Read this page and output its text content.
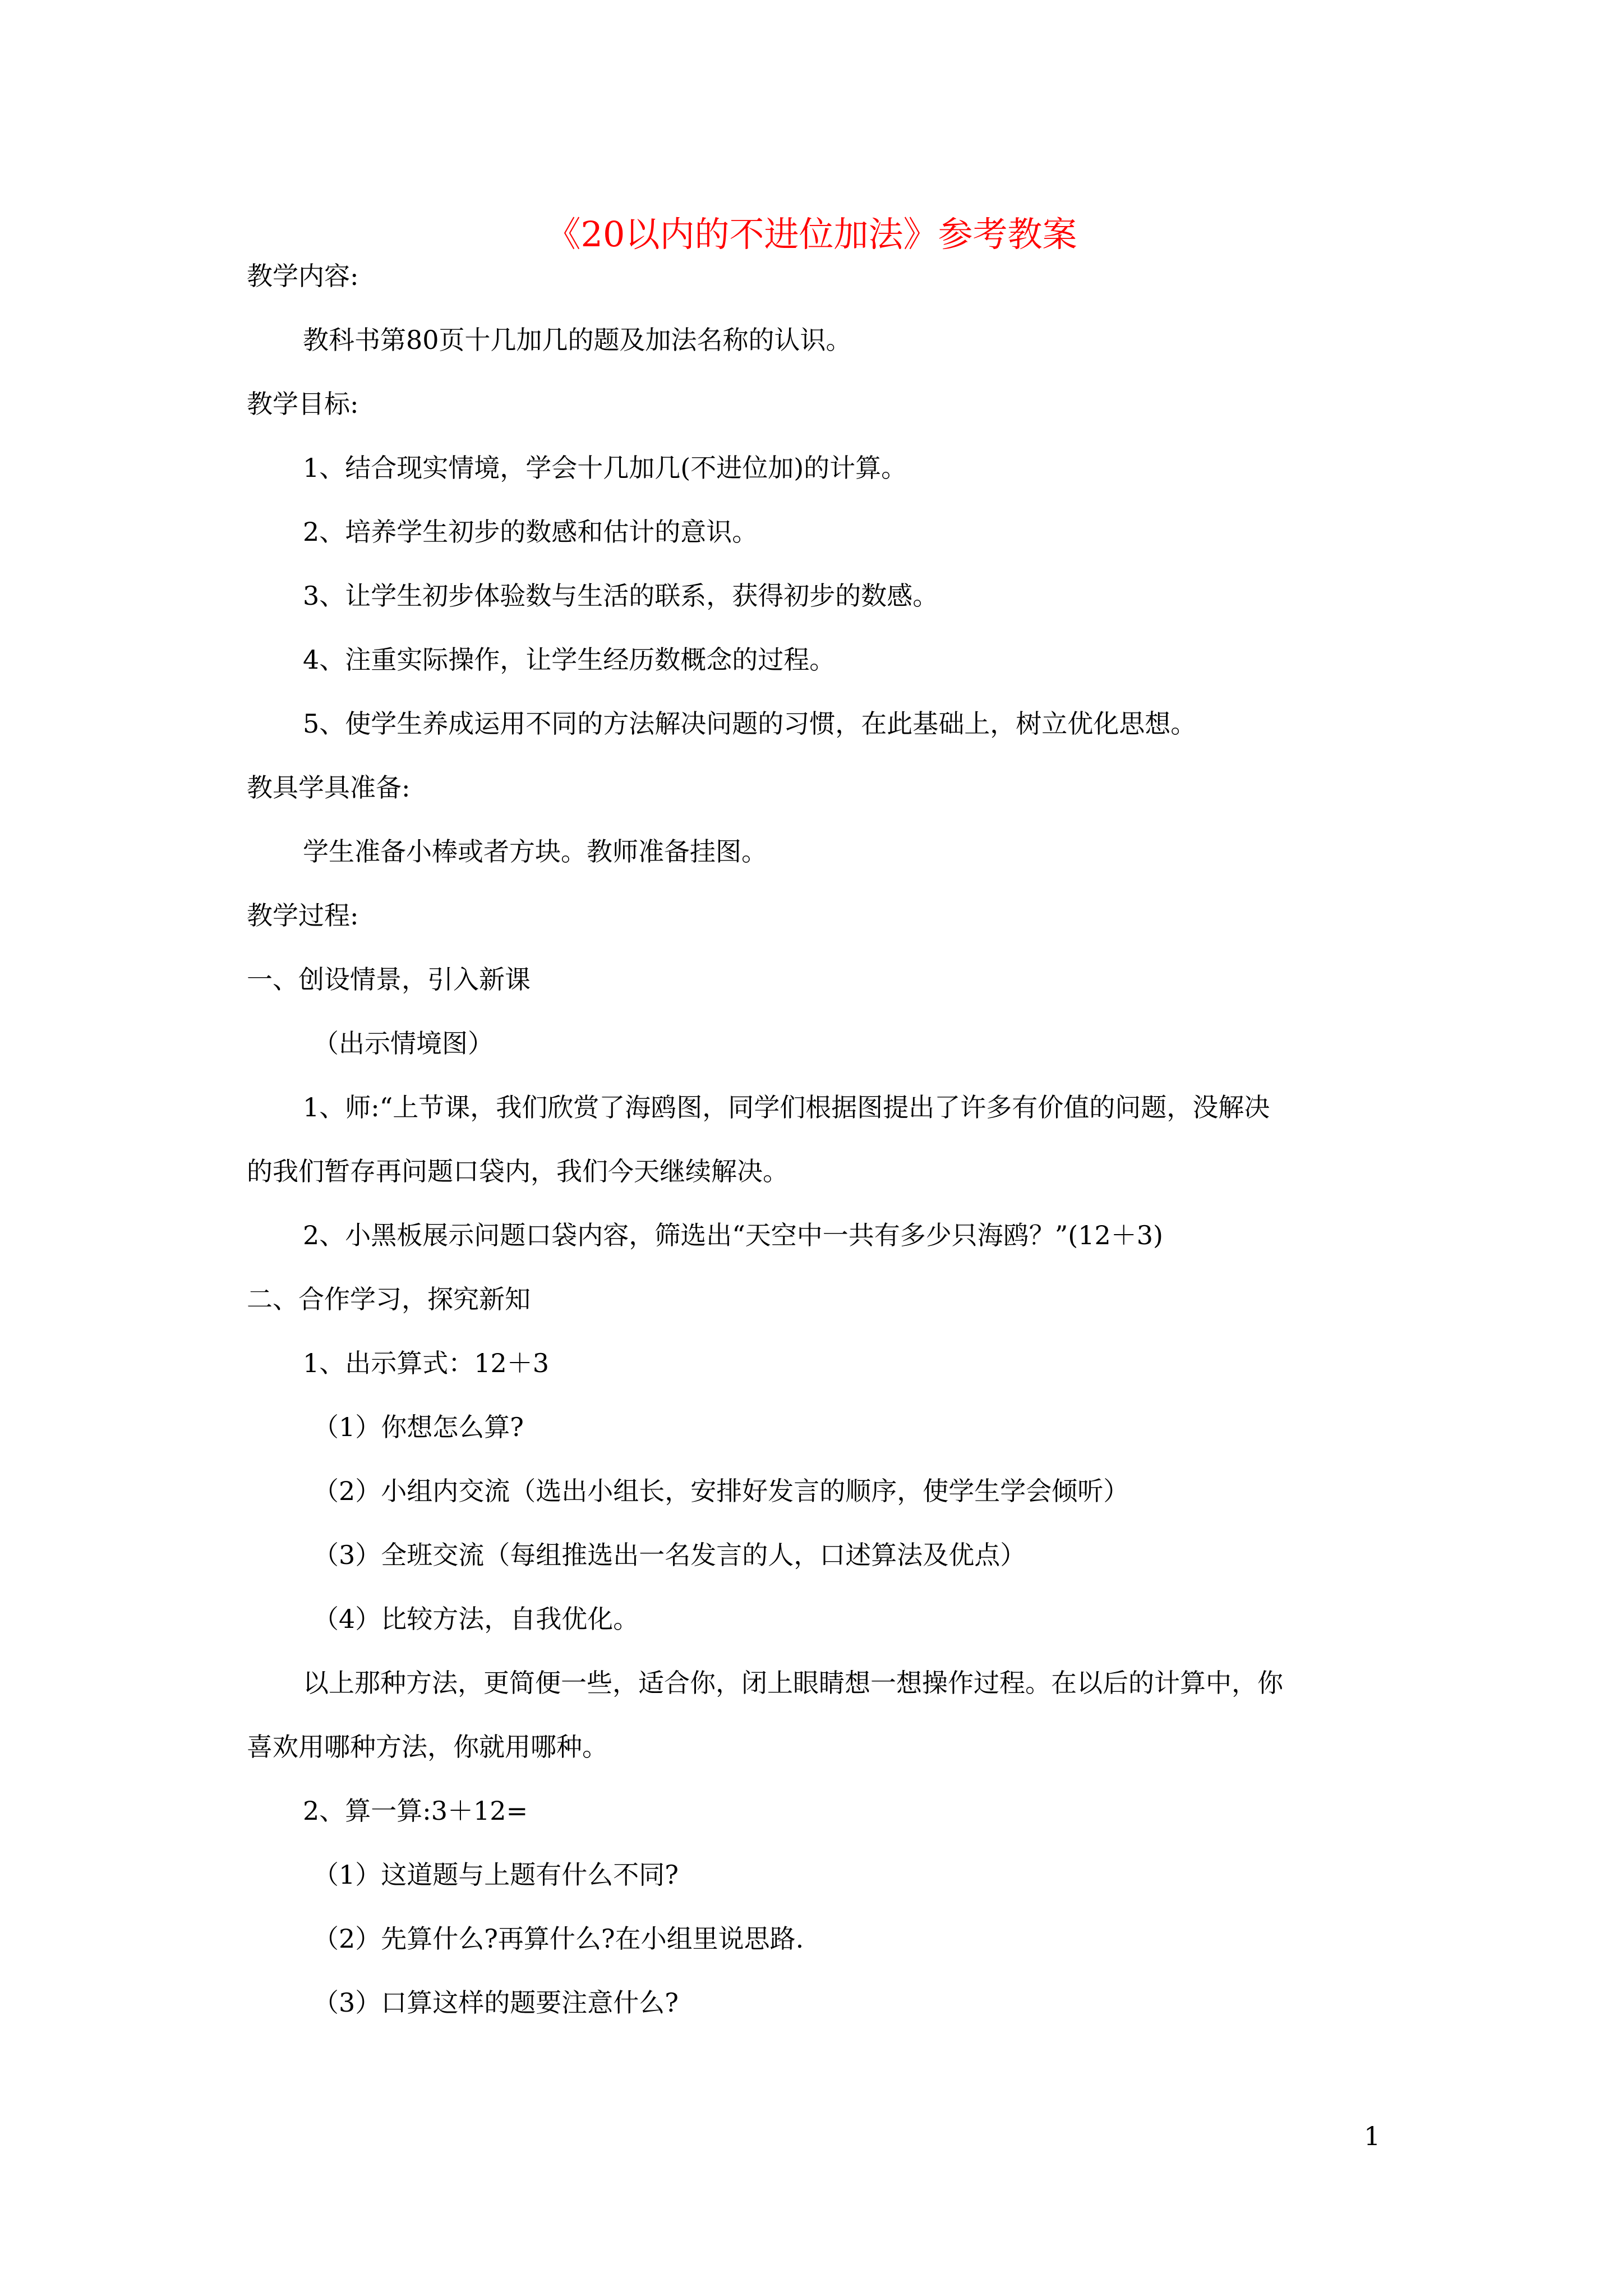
《20以内的不进位加法》参考教案
教学内容:
教科书第80页十几加几的题及加法名称的认识。
教学目标:
1、结合现实情境，学会十几加几(不进位加)的计算。
2、培养学生初步的数感和估计的意识。
3、让学生初步体验数与生活的联系，获得初步的数感。
4、注重实际操作，让学生经历数概念的过程。
5、使学生养成运用不同的方法解决问题的习惯，在此基础上，树立优化思想。
教具学具准备:
学生准备小棒或者方块。教师准备挂图。
教学过程:
一、创设情景，引入新课
（出示情境图）
1、师:“上节课，我们欣赏了海鸥图，同学们根据图提出了许多有价值的问题，没解决
的我们暂存再问题口袋内，我们今天继续解决。
2、小黑板展示问题口袋内容，筛选出“天空中一共有多少只海鸥？”(12＋3)
二、合作学习，探究新知
1、出示算式：12＋3
（1）你想怎么算?
（2）小组内交流（选出小组长，安排好发言的顺序，使学生学会倾听）
（3）全班交流（每组推选出一名发言的人，口述算法及优点）
（4）比较方法，自我优化。
以上那种方法，更简便一些，适合你，闭上眼睛想一想操作过程。在以后的计算中，你
喜欢用哪种方法，你就用哪种。
2、算一算:3＋12=
（1）这道题与上题有什么不同?
（2）先算什么?再算什么?在小组里说思路.
（3）口算这样的题要注意什么?
1
